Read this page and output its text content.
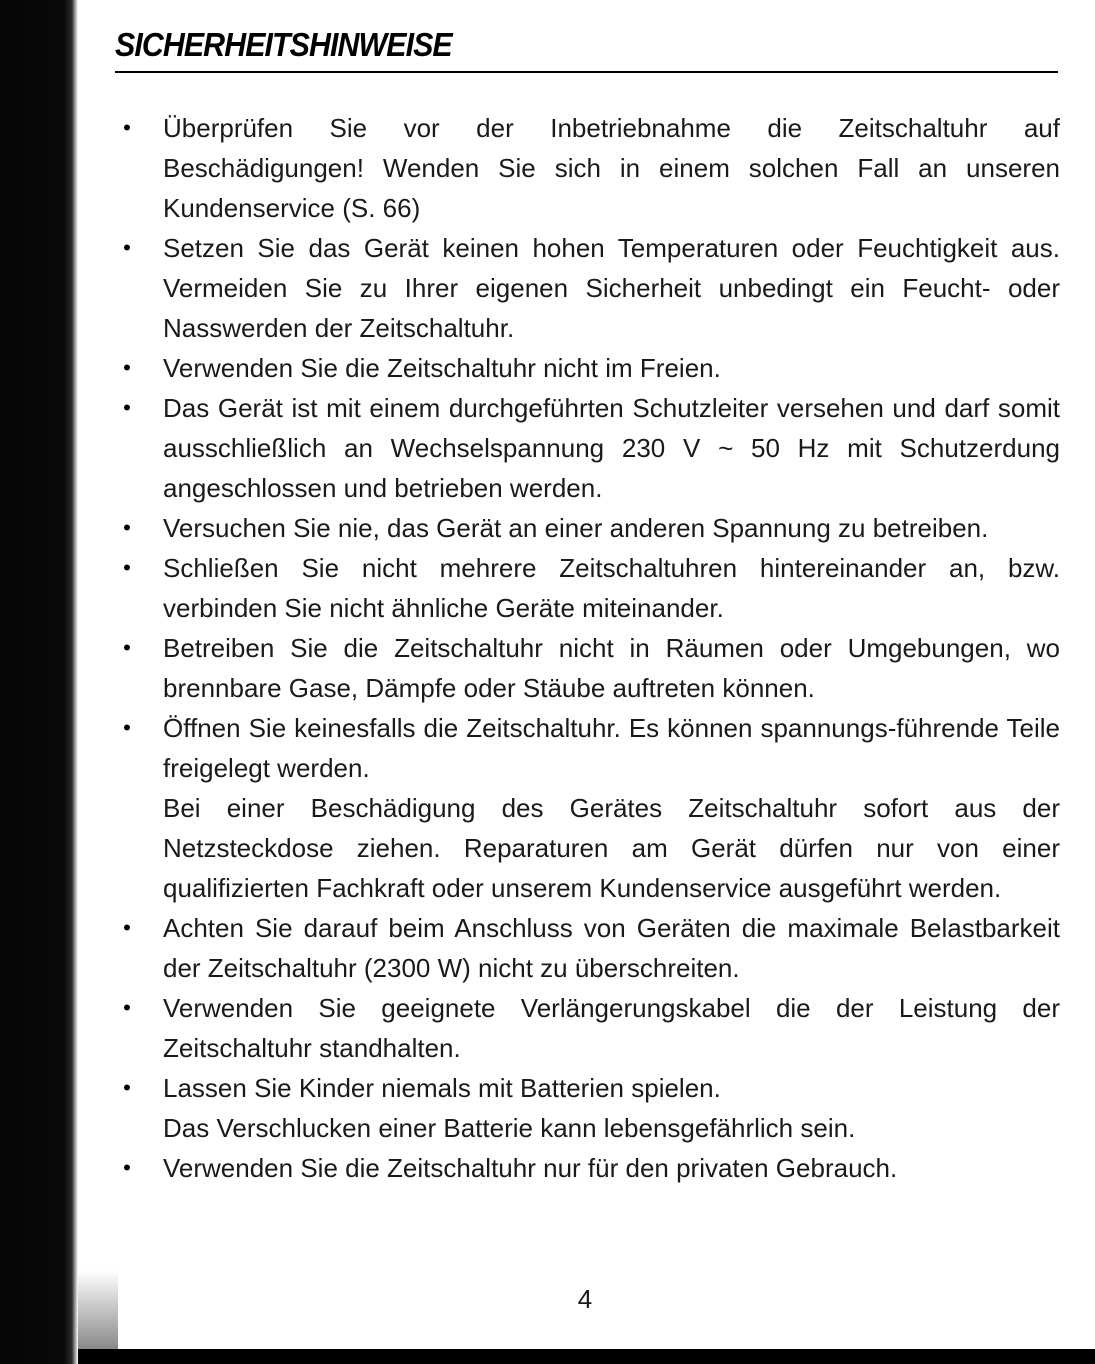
SICHERHEITSHINWEISE
• Überprüfen Sie vor der Inbetriebnahme die Zeitschaltuhr auf Beschädigungen! Wenden Sie sich in einem solchen Fall an unseren Kundenservice (S. 66)
• Setzen Sie das Gerät keinen hohen Temperaturen oder Feuchtigkeit aus. Vermeiden Sie zu Ihrer eigenen Sicherheit unbedingt ein Feucht- oder Nasswerden der Zeitschaltuhr.
• Verwenden Sie die Zeitschaltuhr nicht im Freien.
• Das Gerät ist mit einem durchgeführten Schutzleiter versehen und darf somit ausschließlich an Wechselspannung 230 V ~ 50 Hz mit Schutzerdung angeschlossen und betrieben werden.
• Versuchen Sie nie, das Gerät an einer anderen Spannung zu betreiben.
• Schließen Sie nicht mehrere Zeitschaltuhren hintereinander an, bzw. verbinden Sie nicht ähnliche Geräte miteinander.
• Betreiben Sie die Zeitschaltuhr nicht in Räumen oder Umgebungen, wo brennbare Gase, Dämpfe oder Stäube auftreten können.
• Öffnen Sie keinesfalls die Zeitschaltuhr. Es können spannungs-führende Teile freigelegt werden.
Bei einer Beschädigung des Gerätes Zeitschaltuhr sofort aus der Netzsteckdose ziehen. Reparaturen am Gerät dürfen nur von einer qualifizierten Fachkraft oder unserem Kundenservice ausgeführt werden.
• Achten Sie darauf beim Anschluss von Geräten die maximale Belastbarkeit der Zeitschaltuhr (2300 W) nicht zu überschreiten.
• Verwenden Sie geeignete Verlängerungskabel die der Leistung der Zeitschaltuhr standhalten.
• Lassen Sie Kinder niemals mit Batterien spielen.
Das Verschlucken einer Batterie kann lebensgefährlich sein.
• Verwenden Sie die Zeitschaltuhr nur für den privaten Gebrauch.
4
